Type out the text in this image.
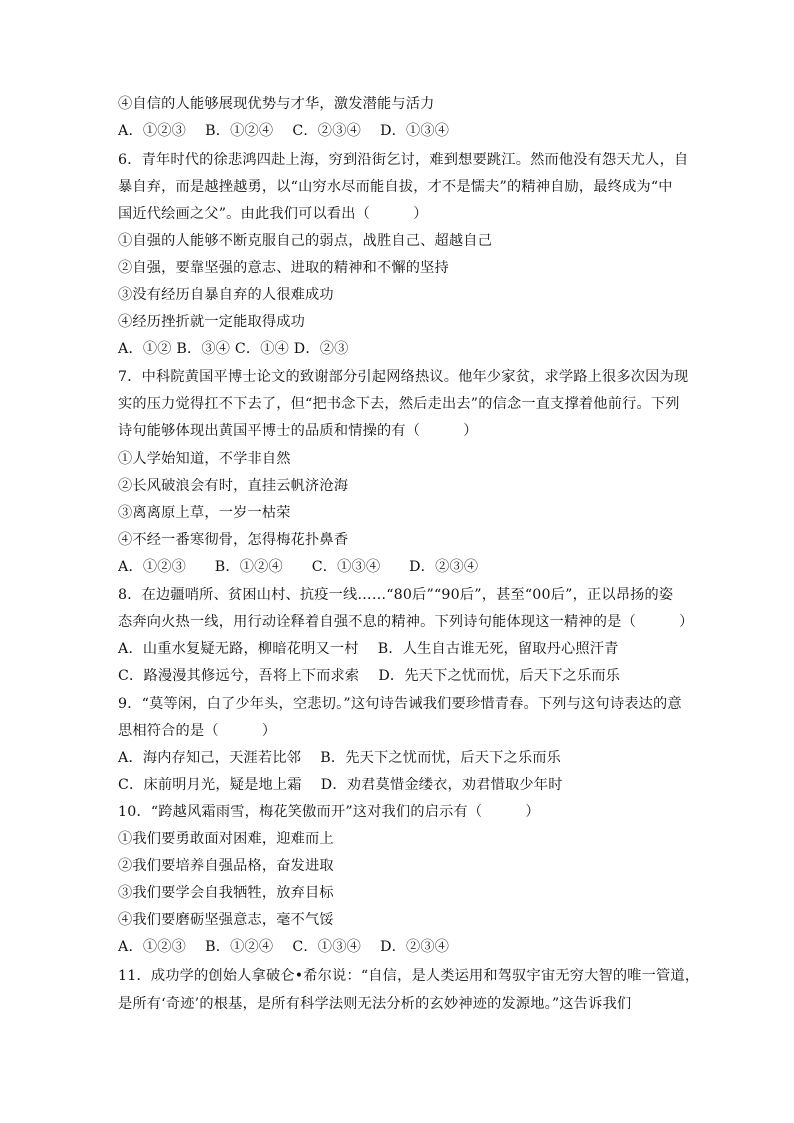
④自信的人能够展现优势与才华，激发潜能与活力
A．①②③　 B．①②④　 C．②③④　 D．①③④
6．青年时代的徐悲鸿四赴上海，穷到沿街乞讨，难到想要跳江。然而他没有怨天尤人，自
暴自弃，而是越挫越勇，以“山穷水尽而能自拔，才不是懦夫”的精神自励，最终成为“中
国近代绘画之父”。由此我们可以看出（　　　）
①自强的人能够不断克服自己的弱点，战胜自己、超越自己
②自强，要靠坚强的意志、进取的精神和不懈的坚持
③没有经历自暴自弃的人很难成功
④经历挫折就一定能取得成功
A．①② B．③④ C．①④ D．②③
7．中科院黄国平博士论文的致谢部分引起网络热议。他年少家贫，求学路上很多次因为现
实的压力觉得扛不下去了，但“把书念下去，然后走出去”的信念一直支撑着他前行。下列
诗句能够体现出黄国平博士的品质和情操的有（　　　）
①人学始知道，不学非自然
②长风破浪会有时，直挂云帆济沧海
③离离原上草，一岁一枯荣
④不经一番寒彻骨，怎得梅花扑鼻香
A．①②③　　B．①②④　　C．①③④　　D．②③④
8．在边疆哨所、贫困山村、抗疫一线……“80后”“90后”，甚至“00后”，正以昂扬的姿
态奔向火热一线，用行动诠释着自强不息的精神。下列诗句能体现这一精神的是（　　　）
A．山重水复疑无路，柳暗花明又一村　 B．人生自古谁无死，留取丹心照汗青
C．路漫漫其修远兮，吾将上下而求索　 D．先天下之忧而忧，后天下之乐而乐
9．“莫等闲，白了少年头，空悲切。”这句诗告诫我们要珍惜青春。下列与这句诗表达的意
思相符合的是（　　　）
A．海内存知己，天涯若比邻　 B．先天下之忧而忧，后天下之乐而乐
C．床前明月光，疑是地上霜　 D．劝君莫惜金缕衣，劝君惜取少年时
10．“跨越风霜雨雪，梅花笑傲而开”这对我们的启示有（　　　）
①我们要勇敢面对困难，迎难而上
②我们要培养自强品格，奋发进取
③我们要学会自我牺牲，放弃目标
④我们要磨砺坚强意志，毫不气馁
A．①②③　 B．①②④　 C．①③④　 D．②③④
11．成功学的创始人拿破仑•希尔说：“自信，是人类运用和驾驭宇宙无穷大智的唯一管道，
是所有‘奇迹’的根基，是所有科学法则无法分析的玄妙神迹的发源地。”这告诉我们
